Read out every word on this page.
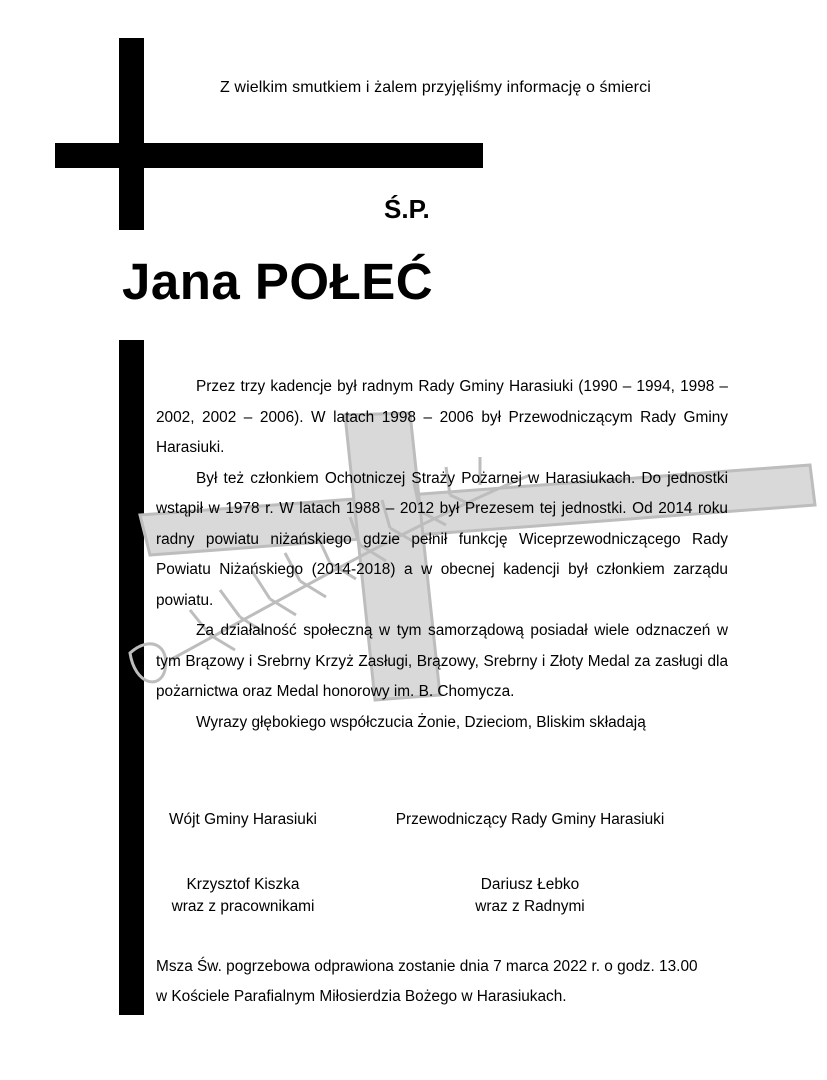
Z wielkim smutkiem i żalem przyjęliśmy informację o śmierci
Ś.P.
Jana POŁEĆ

Przez trzy kadencje był radnym Rady Gminy Harasiuki (1990 – 1994, 1998 – 2002, 2002 – 2006). W latach 1998 – 2006 był Przewodniczącym Rady Gminy Harasiuki.

Był też członkiem Ochotniczej Straży Pożarnej w Harasiukach. Do jednostki wstąpił w 1978 r. W latach 1988 – 2012 był Prezesem tej jednostki. Od 2014 roku radny powiatu niżańskiego gdzie pełnił funkcję Wiceprzewodniczącego Rady Powiatu Niżańskiego (2014-2018) a w obecnej kadencji był członkiem zarządu powiatu.

Za działalność społeczną w tym samorządową posiadał wiele odznaczeń w tym Brązowy i Srebrny Krzyż Zasługi, Brązowy, Srebrny i Złoty Medal za zasługi dla pożarnictwa oraz Medal honorowy im. B. Chomycza.

Wyrazy głębokiego współczucia Żonie, Dzieciom, Bliskim składają

Wójt Gminy Harasiuki	Przewodniczący Rady Gminy Harasiuki
Krzysztof Kiszka
wraz z pracownikami
Dariusz Łebko
wraz z Radnymi
Msza Św. pogrzebowa odprawiona zostanie dnia 7 marca 2022 r. o godz. 13.00
w Kościele Parafialnym Miłosierdzia Bożego w Harasiukach.
